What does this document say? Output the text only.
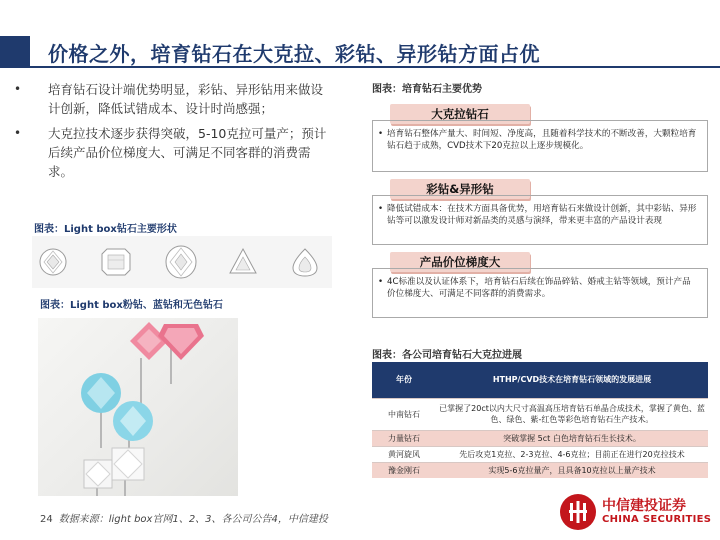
价格之外，培育钻石在大克拉、彩钻、异形钻方面占优
• 培育钻石设计端优势明显，彩钻、异形钻用来做设计创新，降低试错成本、设计时尚感强；
• 大克拉技术逐步获得突破，5-10克拉可量产；预计后续产品价位梯度大、可满足不同客群的消费需求。
图表：Light box钻石主要形状
图表：Light box粉钻、蓝钻和无色钻石
图表：培育钻石主要优势
大克拉钻石
• 培育钻石整体产量大、时间短、净度高，且随着科学技术的不断改善，大颗粒培育钻石趋于成熟，CVD技术下20克拉以上逐步规模化。
彩钻&异形钻
• 降低试错成本：在技术方面具备优势，用培育钻石来做设计创新，其中彩钻、异形钻等可以激发设计师对新品类的灵感与演绎，带来更丰富的产品设计表现
产品价位梯度大
• 4C标准以及认证体系下，培育钻石后续在饰品碎钻、婚戒主钻等领域，预计产品价位梯度大、可满足不同客群的消费需求。
图表：各公司培育钻石大克拉进展
年份	HTHP/CVD技术在培育钻石领域的发展进展
中南钻石	已掌握了20ct以内大尺寸高温高压培育钻石单晶合成技术，掌握了黄色、蓝色、绿色、紫-红色等彩色培育钻石生产技术。
力量钻石	突破掌握 5ct 白色培育钻石生长技术。
黄河旋风	先后攻克1克拉、2-3克拉、4-6克拉；目前正在进行20克拉技术
豫金刚石	实现5-6克拉量产，且具备10克拉以上量产技术
24 数据来源：light box官网1、2、3、各公司公告4，中信建投
中信建投证券
CHINA SECURITIES
